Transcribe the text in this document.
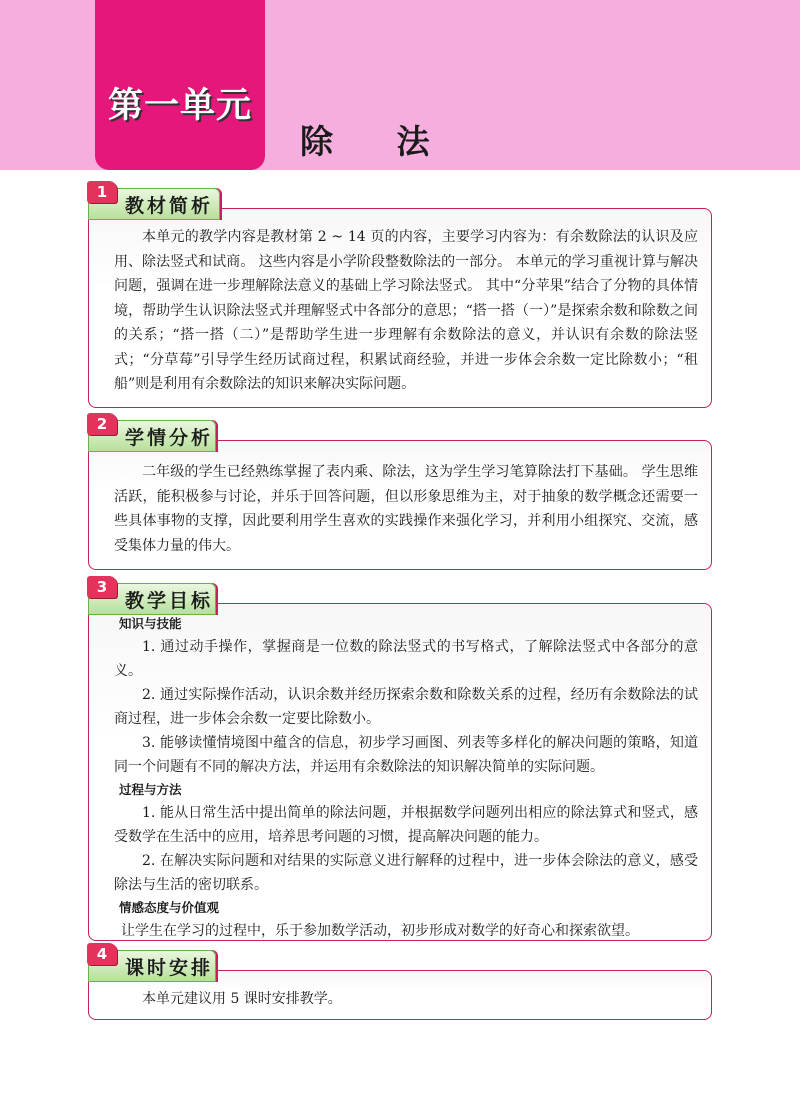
第一单元
除 法
1
教材简析

本单元的教学内容是教材第 2 ~ 14 页的内容，主要学习内容为：有余数除法的认识及应用、除法竖式和试商。 这些内容是小学阶段整数除法的一部分。 本单元的学习重视计算与解决问题，强调在进一步理解除法意义的基础上学习除法竖式。 其中“分苹果”结合了分物的具体情境，帮助学生认识除法竖式并理解竖式中各部分的意思；“搭一搭（一）”是探索余数和除数之间的关系；“搭一搭（二）”是帮助学生进一步理解有余数除法的意义，并认识有余数的除法竖式；“分草莓”引导学生经历试商过程，积累试商经验，并进一步体会余数一定比除数小；“租船”则是利用有余数除法的知识来解决实际问题。

2
学情分析

二年级的学生已经熟练掌握了表内乘、除法，这为学生学习笔算除法打下基础。 学生思维活跃，能积极参与讨论，并乐于回答问题，但以形象思维为主，对于抽象的数学概念还需要一些具体事物的支撑，因此要利用学生喜欢的实践操作来强化学习，并利用小组探究、交流，感受集体力量的伟大。

3
教学目标
知识与技能

1. 通过动手操作，掌握商是一位数的除法竖式的书写格式，了解除法竖式中各部分的意义。

2. 通过实际操作活动，认识余数并经历探索余数和除数关系的过程，经历有余数除法的试商过程，进一步体会余数一定要比除数小。

3. 能够读懂情境图中蕴含的信息，初步学习画图、列表等多样化的解决问题的策略，知道同一个问题有不同的解决方法，并运用有余数除法的知识解决简单的实际问题。

过程与方法

1. 能从日常生活中提出简单的除法问题，并根据数学问题列出相应的除法算式和竖式，感受数学在生活中的应用，培养思考问题的习惯，提高解决问题的能力。

2. 在解决实际问题和对结果的实际意义进行解释的过程中，进一步体会除法的意义，感受除法与生活的密切联系。

情感态度与价值观

让学生在学习的过程中，乐于参加数学活动，初步形成对数学的好奇心和探索欲望。

4
课时安排

本单元建议用 5 课时安排教学。
